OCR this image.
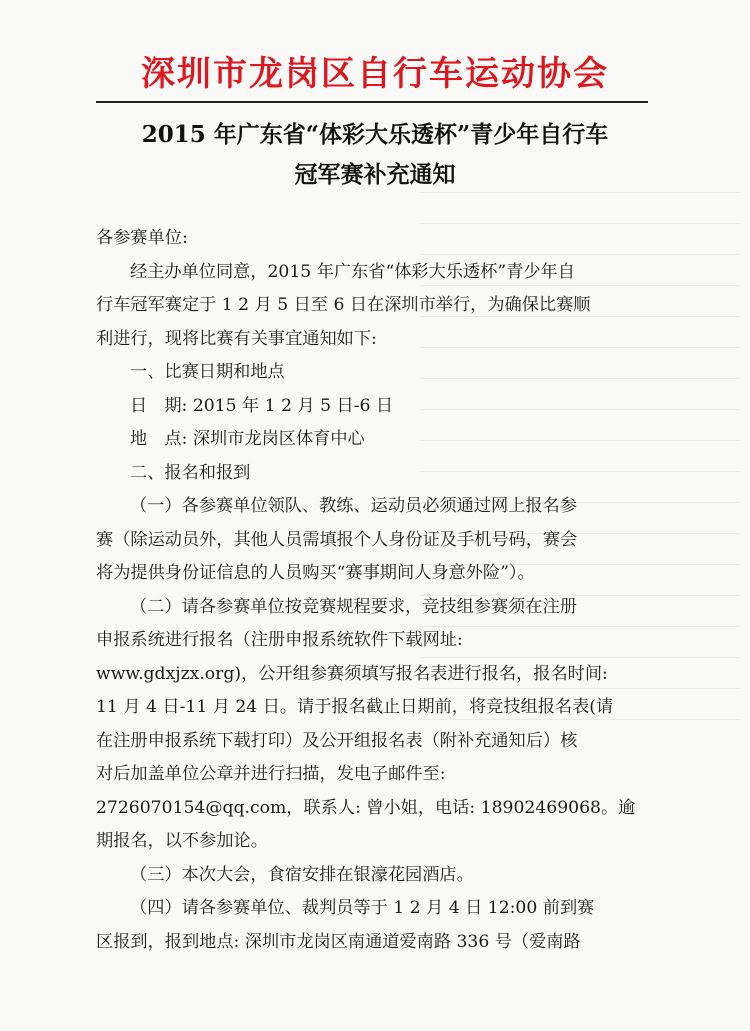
深圳市龙岗区自行车运动协会
2015 年广东省“体彩大乐透杯”青少年自行车
冠军赛补充通知
各参赛单位:
经主办单位同意，2015 年广东省“体彩大乐透杯”青少年自
行车冠军赛定于 1 2 月 5 日至 6 日在深圳市举行，为确保比赛顺
利进行，现将比赛有关事宜通知如下:
一、比赛日期和地点
日　期: 2015 年 1 2 月 5 日-6 日
地　点: 深圳市龙岗区体育中心
二、报名和报到
（一）各参赛单位领队、教练、运动员必须通过网上报名参
赛（除运动员外，其他人员需填报个人身份证及手机号码，赛会
将为提供身份证信息的人员购买“赛事期间人身意外险”）。
（二）请各参赛单位按竞赛规程要求，竞技组参赛须在注册
申报系统进行报名（注册申报系统软件下载网址:
www.gdxjzx.org)，公开组参赛须填写报名表进行报名，报名时间:
11 月 4 日-11 月 24 日。请于报名截止日期前，将竞技组报名表(请
在注册申报系统下载打印）及公开组报名表（附补充通知后）核
对后加盖单位公章并进行扫描，发电子邮件至:
2726070154@qq.com，联系人: 曾小姐，电话: 18902469068。逾
期报名，以不参加论。
（三）本次大会，食宿安排在银濠花园酒店。
（四）请各参赛单位、裁判员等于 1 2 月 4 日 12:00 前到赛
区报到，报到地点: 深圳市龙岗区南通道爱南路 336 号（爱南路
